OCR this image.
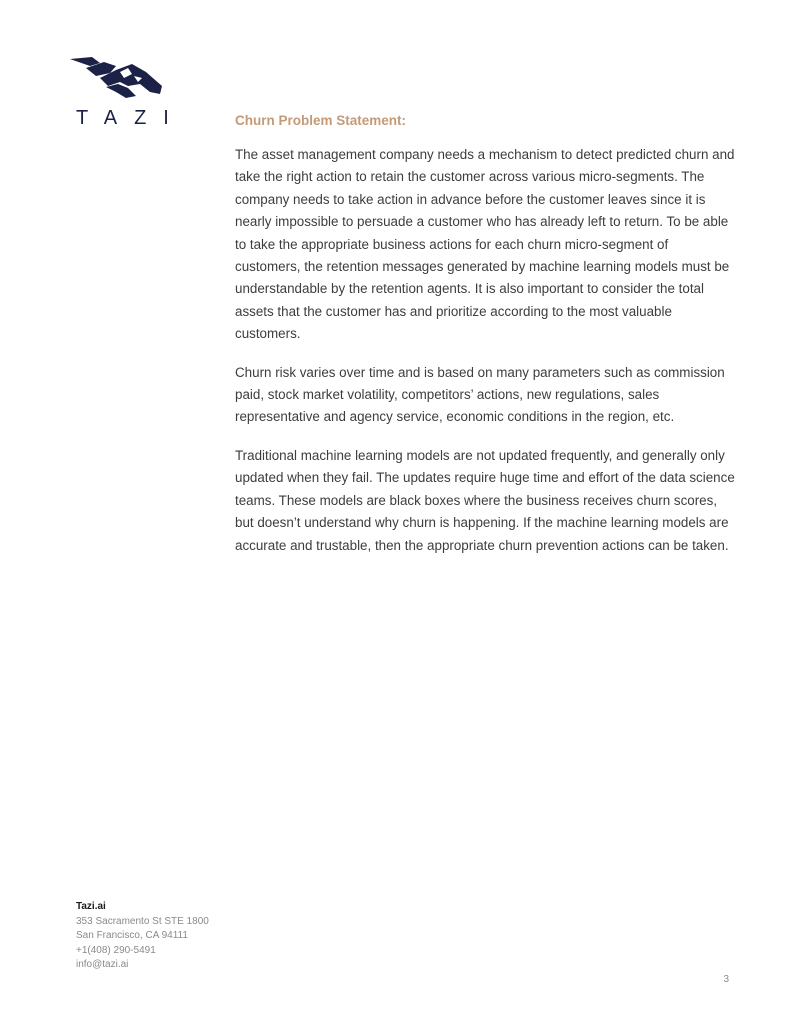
TAZI	Churn Problem Statement:

The asset management company needs a mechanism to detect predicted churn and take the right action to retain the customer across various micro-segments. The company needs to take action in advance before the customer leaves since it is nearly impossible to persuade a customer who has already left to return. To be able to take the appropriate business actions for each churn micro-segment of customers, the retention messages generated by machine learning models must be understandable by the retention agents. It is also important to consider the total assets that the customer has and prioritize according to the most valuable customers.

Churn risk varies over time and is based on many parameters such as commission paid, stock market volatility, competitors’ actions, new regulations, sales representative and agency service, economic conditions in the region, etc.

Traditional machine learning models are not updated frequently, and generally only updated when they fail. The updates require huge time and effort of the data science teams. These models are black boxes where the business receives churn scores, but doesn’t understand why churn is happening. If the machine learning models are accurate and trustable, then the appropriate churn prevention actions can be taken.

Tazi.ai
353 Sacramento St STE 1800
San Francisco, CA 94111
+1(408) 290-5491
info@tazi.ai
3
